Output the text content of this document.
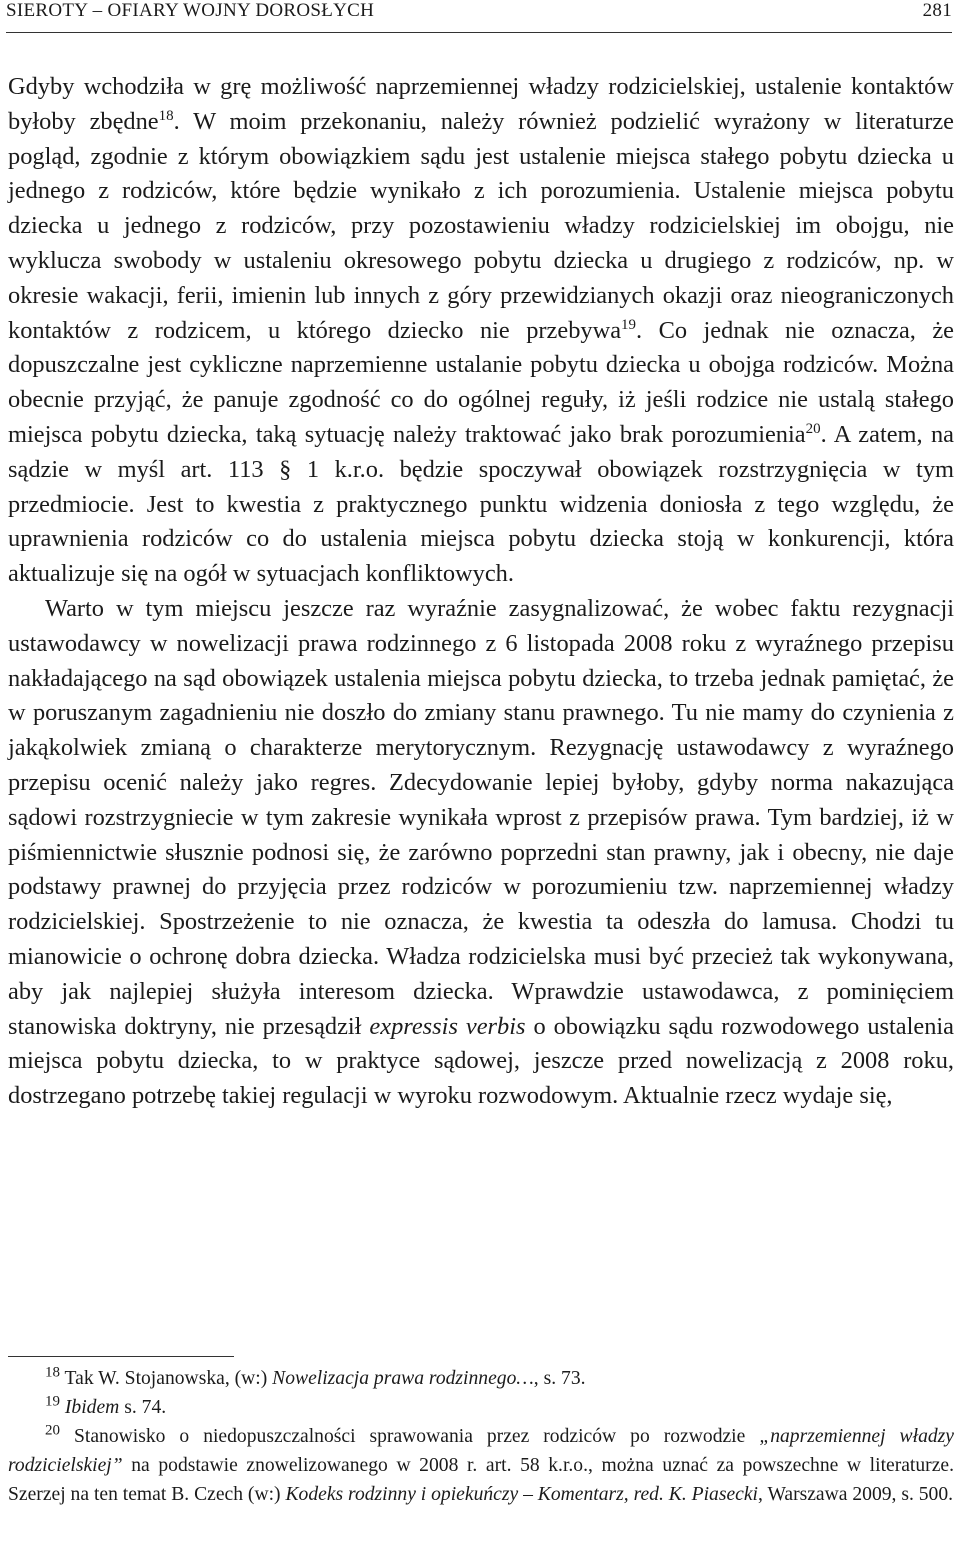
SIEROTY – OFIARY WOJNY DOROSŁYCH	281

Gdyby wchodziła w grę możliwość naprzemiennej władzy rodzicielskiej, ustalenie kontaktów byłoby zbędne$^{18}$. W moim przekonaniu, należy również podzielić wyrażony w literaturze pogląd, zgodnie z którym obowiązkiem sądu jest ustalenie miejsca stałego pobytu dziecka u jednego z rodziców, które będzie wynikało z ich porozumienia. Ustalenie miejsca pobytu dziecka u jednego z rodziców, przy pozostawieniu władzy rodzicielskiej im obojgu, nie wyklucza swobody w ustaleniu okresowego pobytu dziecka u drugiego z rodziców, np. w okresie wakacji, ferii, imienin lub innych z góry przewidzianych okazji oraz nieograniczonych kontaktów z rodzicem, u którego dziecko nie przebywa$^{19}$. Co jednak nie oznacza, że dopuszczalne jest cykliczne naprzemienne ustalanie pobytu dziecka u obojga rodziców. Można obecnie przyjąć, że panuje zgodność co do ogólnej reguły, iż jeśli rodzice nie ustalą stałego miejsca pobytu dziecka, taką sytuację należy traktować jako brak porozumienia$^{20}$. A zatem, na sądzie w myśl art. 113 § 1 k.r.o. będzie spoczywał obowiązek rozstrzygnięcia w tym przedmiocie. Jest to kwestia z praktycznego punktu widzenia doniosła z tego względu, że uprawnienia rodziców co do ustalenia miejsca pobytu dziecka stoją w konkurencji, która aktualizuje się na ogół w sytuacjach konfliktowych.

Warto w tym miejscu jeszcze raz wyraźnie zasygnalizować, że wobec faktu rezygnacji ustawodawcy w nowelizacji prawa rodzinnego z 6 listopada 2008 roku z wyraźnego przepisu nakładającego na sąd obowiązek ustalenia miejsca pobytu dziecka, to trzeba jednak pamiętać, że w poruszanym zagadnieniu nie doszło do zmiany stanu prawnego. Tu nie mamy do czynienia z jakąkolwiek zmianą o charakterze merytorycznym. Rezygnację ustawodawcy z wyraźnego przepisu ocenić należy jako regres. Zdecydowanie lepiej byłoby, gdyby norma nakazująca sądowi rozstrzygniecie w tym zakresie wynikała wprost z przepisów prawa. Tym bardziej, iż w piśmiennictwie słusznie podnosi się, że zarówno poprzedni stan prawny, jak i obecny, nie daje podstawy prawnej do przyjęcia przez rodziców w porozumieniu tzw. naprzemiennej władzy rodzicielskiej. Spostrzeżenie to nie oznacza, że kwestia ta odeszła do lamusa. Chodzi tu mianowicie o ochronę dobra dziecka. Władza rodzicielska musi być przecież tak wykonywana, aby jak najlepiej służyła interesom dziecka. Wprawdzie ustawodawca, z pominięciem stanowiska doktryny, nie przesądził expressis verbis o obowiązku sądu rozwodowego ustalenia miejsca pobytu dziecka, to w praktyce sądowej, jeszcze przed nowelizacją z 2008 roku, dostrzegano potrzebę takiej regulacji w wyroku rozwodowym. Aktualnie rzecz wydaje się,

$^{18}$ Tak W. Stojanowska, (w:) Nowelizacja prawa rodzinnego…, s. 73.

$^{19}$ Ibidem s. 74.

$^{20}$ Stanowisko o niedopuszczalności sprawowania przez rodziców po rozwodzie „naprzemiennej władzy rodzicielskiej” na podstawie znowelizowanego w 2008 r. art. 58 k.r.o., można uznać za powszechne w literaturze. Szerzej na ten temat B. Czech (w:) Kodeks rodzinny i opiekuńczy – Komentarz, red. K. Piasecki, Warszawa 2009, s. 500.
